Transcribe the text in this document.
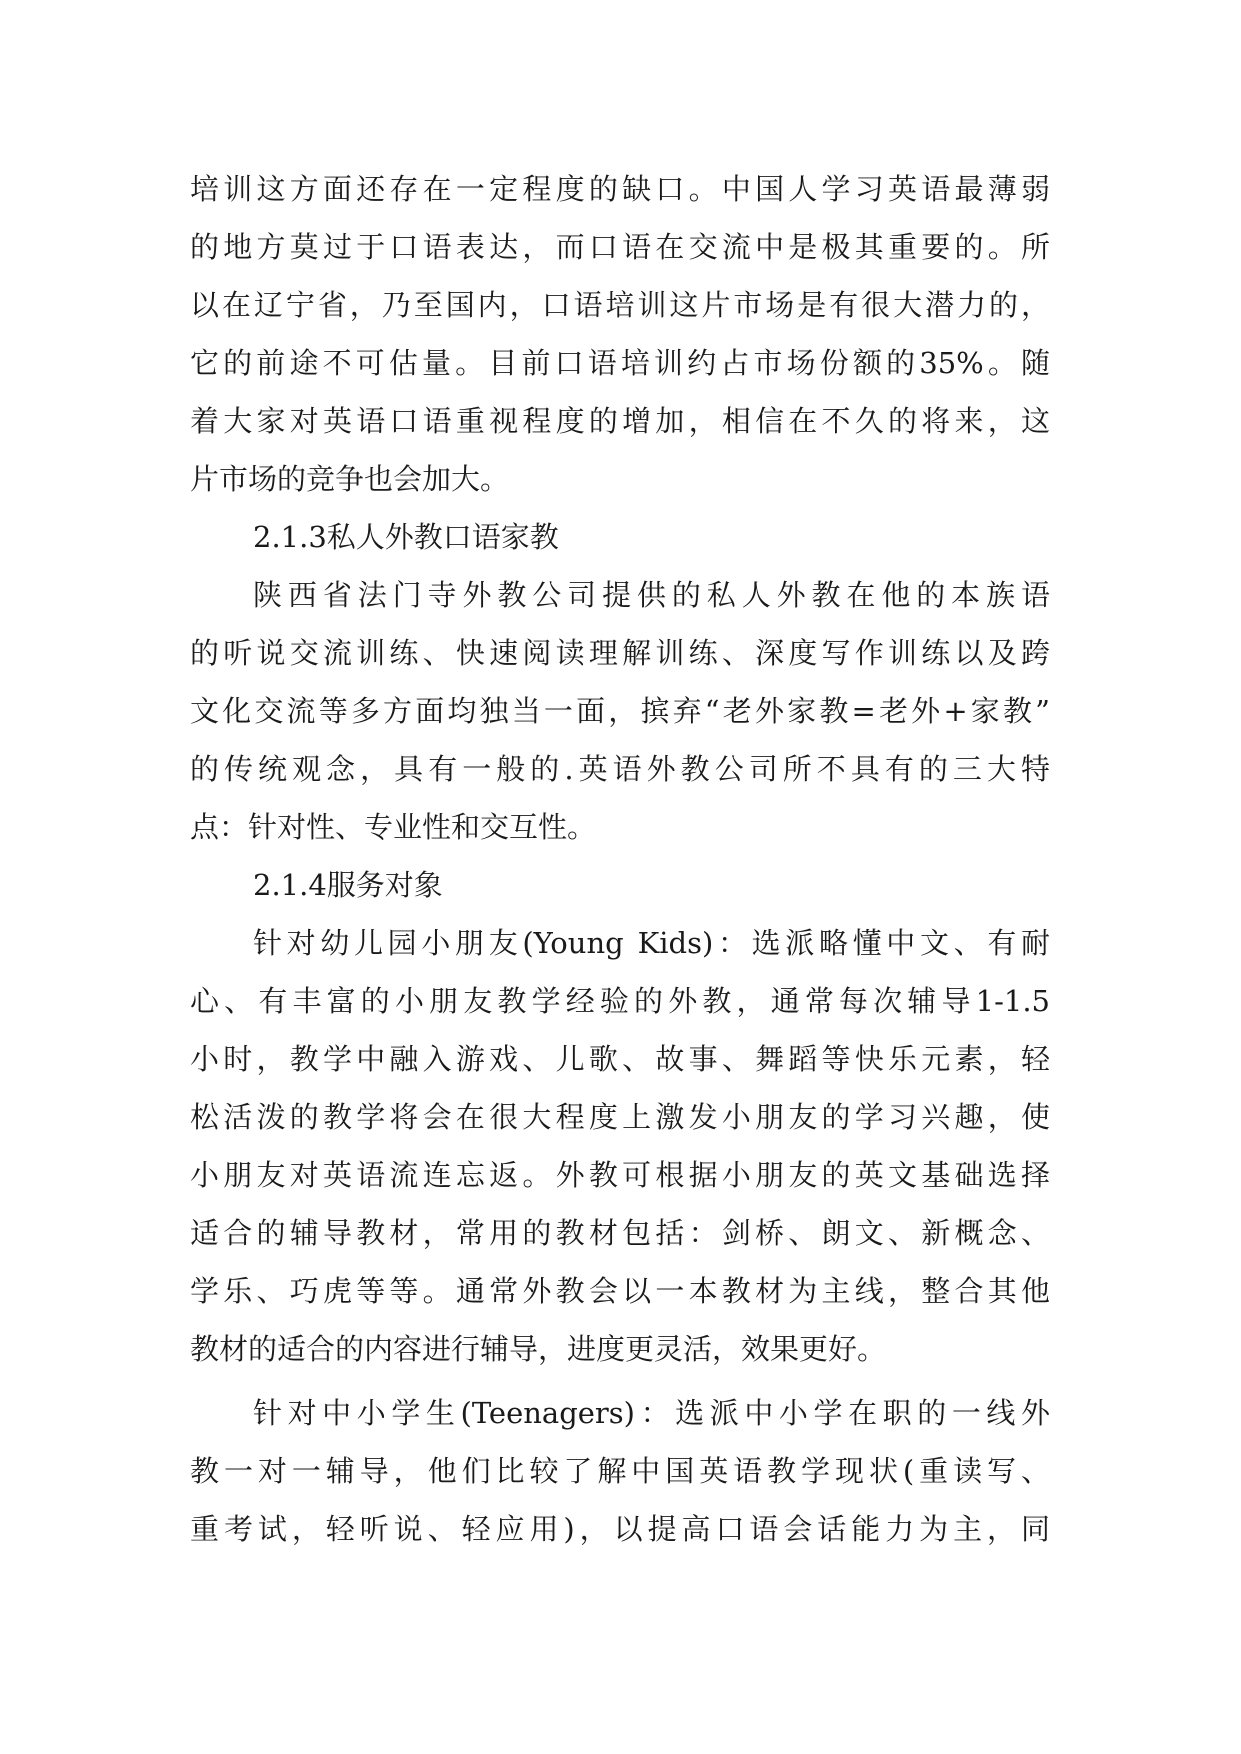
培训这方面还存在一定程度的缺口。中国人学习英语最薄弱
的地方莫过于口语表达，而口语在交流中是极其重要的。所
以在辽宁省，乃至国内，口语培训这片市场是有很大潜力的，
它的前途不可估量。目前口语培训约占市场份额的35%。随
着大家对英语口语重视程度的增加，相信在不久的将来，这
片市场的竞争也会加大。
2.1.3私人外教口语家教
陕西省法门寺外教公司提供的私人外教在他的本族语
的听说交流训练、快速阅读理解训练、深度写作训练以及跨
文化交流等多方面均独当一面，摈弃“老外家教=老外+家教”
的传统观念，具有一般的.英语外教公司所不具有的三大特
点：针对性、专业性和交互性。
2.1.4服务对象
针对幼儿园小朋友(Young Kids)：选派略懂中文、有耐
心、有丰富的小朋友教学经验的外教，通常每次辅导1-1.5
小时，教学中融入游戏、儿歌、故事、舞蹈等快乐元素，轻
松活泼的教学将会在很大程度上激发小朋友的学习兴趣，使
小朋友对英语流连忘返。外教可根据小朋友的英文基础选择
适合的辅导教材，常用的教材包括：剑桥、朗文、新概念、
学乐、巧虎等等。通常外教会以一本教材为主线，整合其他
教材的适合的内容进行辅导，进度更灵活，效果更好。
针对中小学生(Teenagers)：选派中小学在职的一线外
教一对一辅导，他们比较了解中国英语教学现状(重读写、
重考试，轻听说、轻应用)，以提高口语会话能力为主，同
